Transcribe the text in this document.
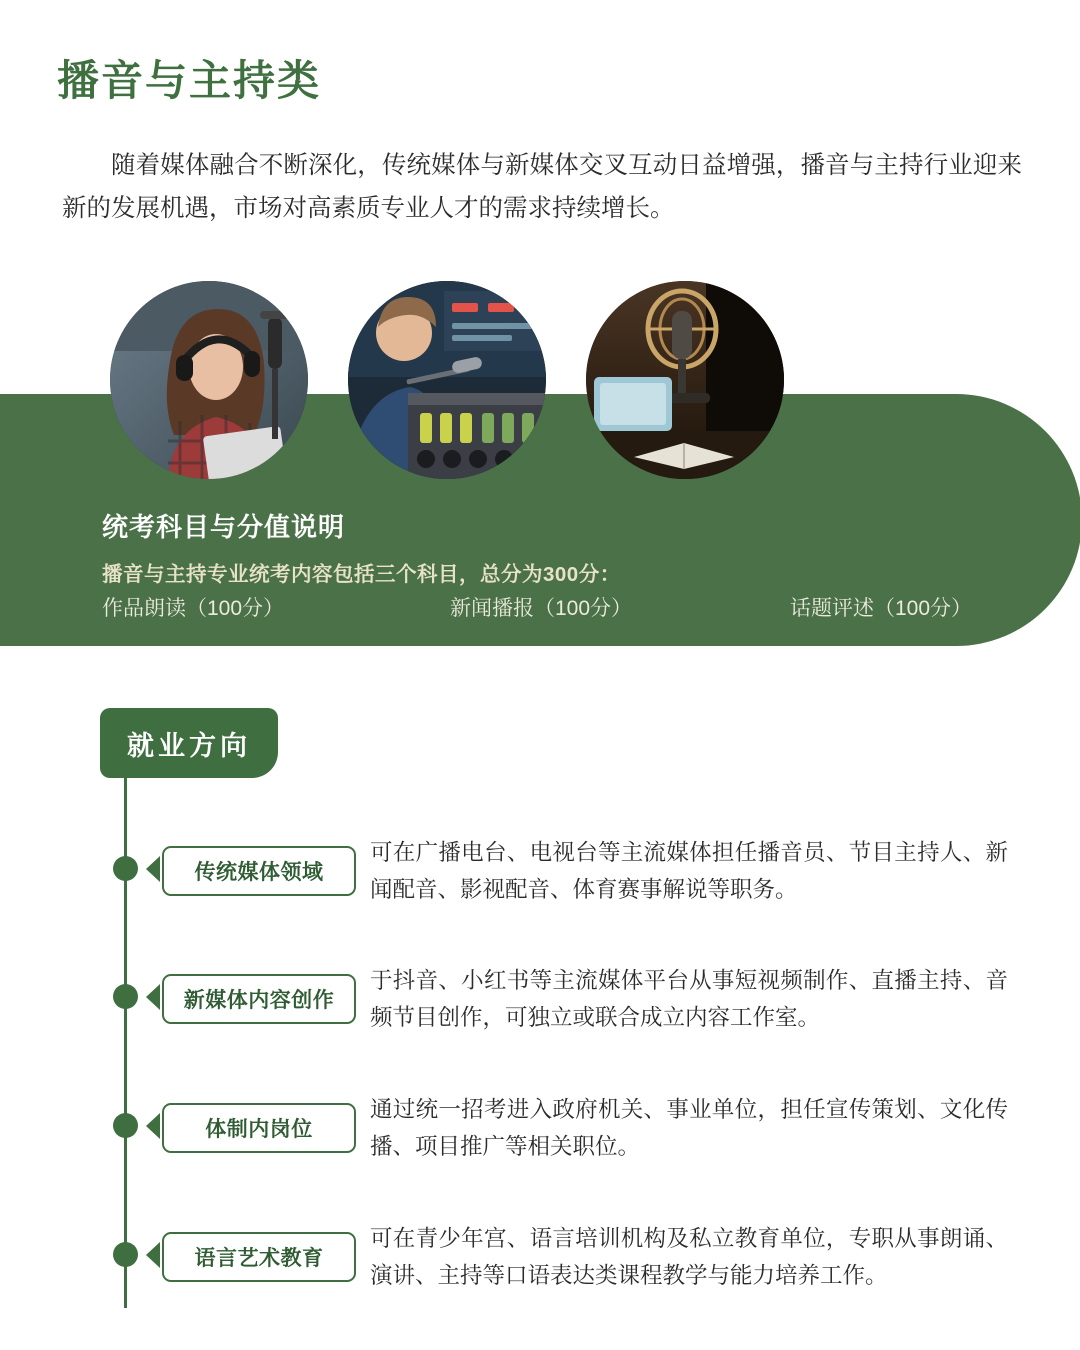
播音与主持类
随着媒体融合不断深化，传统媒体与新媒体交叉互动日益增强，播音与主持行业迎来新的发展机遇，市场对高素质专业人才的需求持续增长。
统考科目与分值说明
播音与主持专业统考内容包括三个科目，总分为300分：
作品朗读（100分）	新闻播报（100分）	话题评述（100分）
就业方向
传统媒体领域
可在广播电台、电视台等主流媒体担任播音员、节目主持人、新闻配音、影视配音、体育赛事解说等职务。
新媒体内容创作
于抖音、小红书等主流媒体平台从事短视频制作、直播主持、音频节目创作，可独立或联合成立内容工作室。
体制内岗位
通过统一招考进入政府机关、事业单位，担任宣传策划、文化传播、项目推广等相关职位。
语言艺术教育
可在青少年宫、语言培训机构及私立教育单位，专职从事朗诵、演讲、主持等口语表达类课程教学与能力培养工作。
